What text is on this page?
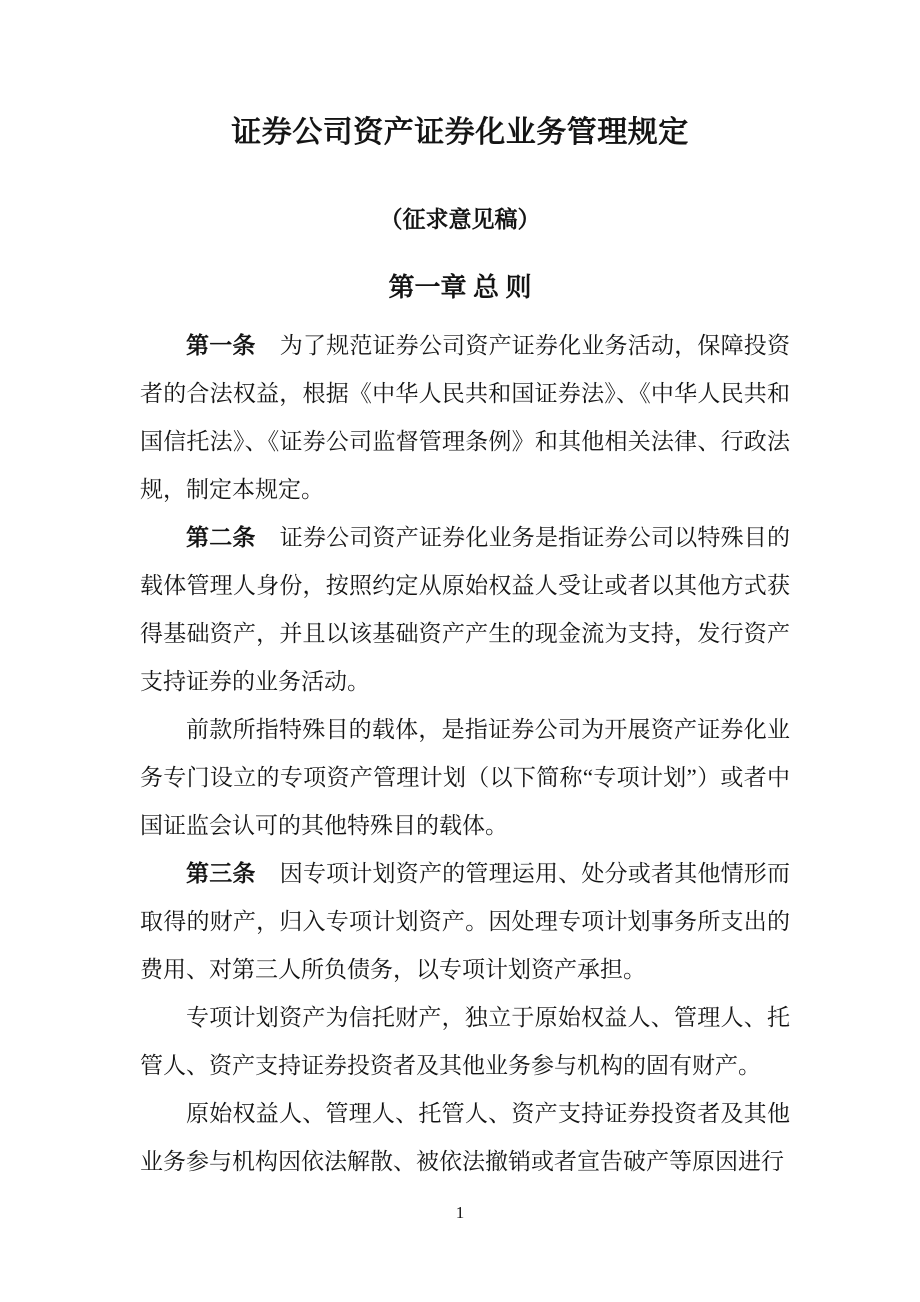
证券公司资产证券化业务管理规定
（征求意见稿）
第一章 总 则

第一条 为了规范证券公司资产证券化业务活动，保障投资者的合法权益，根据《中华人民共和国证券法》、《中华人民共和国信托法》、《证券公司监督管理条例》和其他相关法律、行政法规，制定本规定。

第二条 证券公司资产证券化业务是指证券公司以特殊目的载体管理人身份，按照约定从原始权益人受让或者以其他方式获得基础资产，并且以该基础资产产生的现金流为支持，发行资产支持证券的业务活动。

前款所指特殊目的载体，是指证券公司为开展资产证券化业务专门设立的专项资产管理计划（以下简称“专项计划”）或者中国证监会认可的其他特殊目的载体。

第三条 因专项计划资产的管理运用、处分或者其他情形而取得的财产，归入专项计划资产。因处理专项计划事务所支出的费用、对第三人所负债务，以专项计划资产承担。

专项计划资产为信托财产，独立于原始权益人、管理人、托管人、资产支持证券投资者及其他业务参与机构的固有财产。

原始权益人、管理人、托管人、资产支持证券投资者及其他业务参与机构因依法解散、被依法撤销或者宣告破产等原因进行

1
